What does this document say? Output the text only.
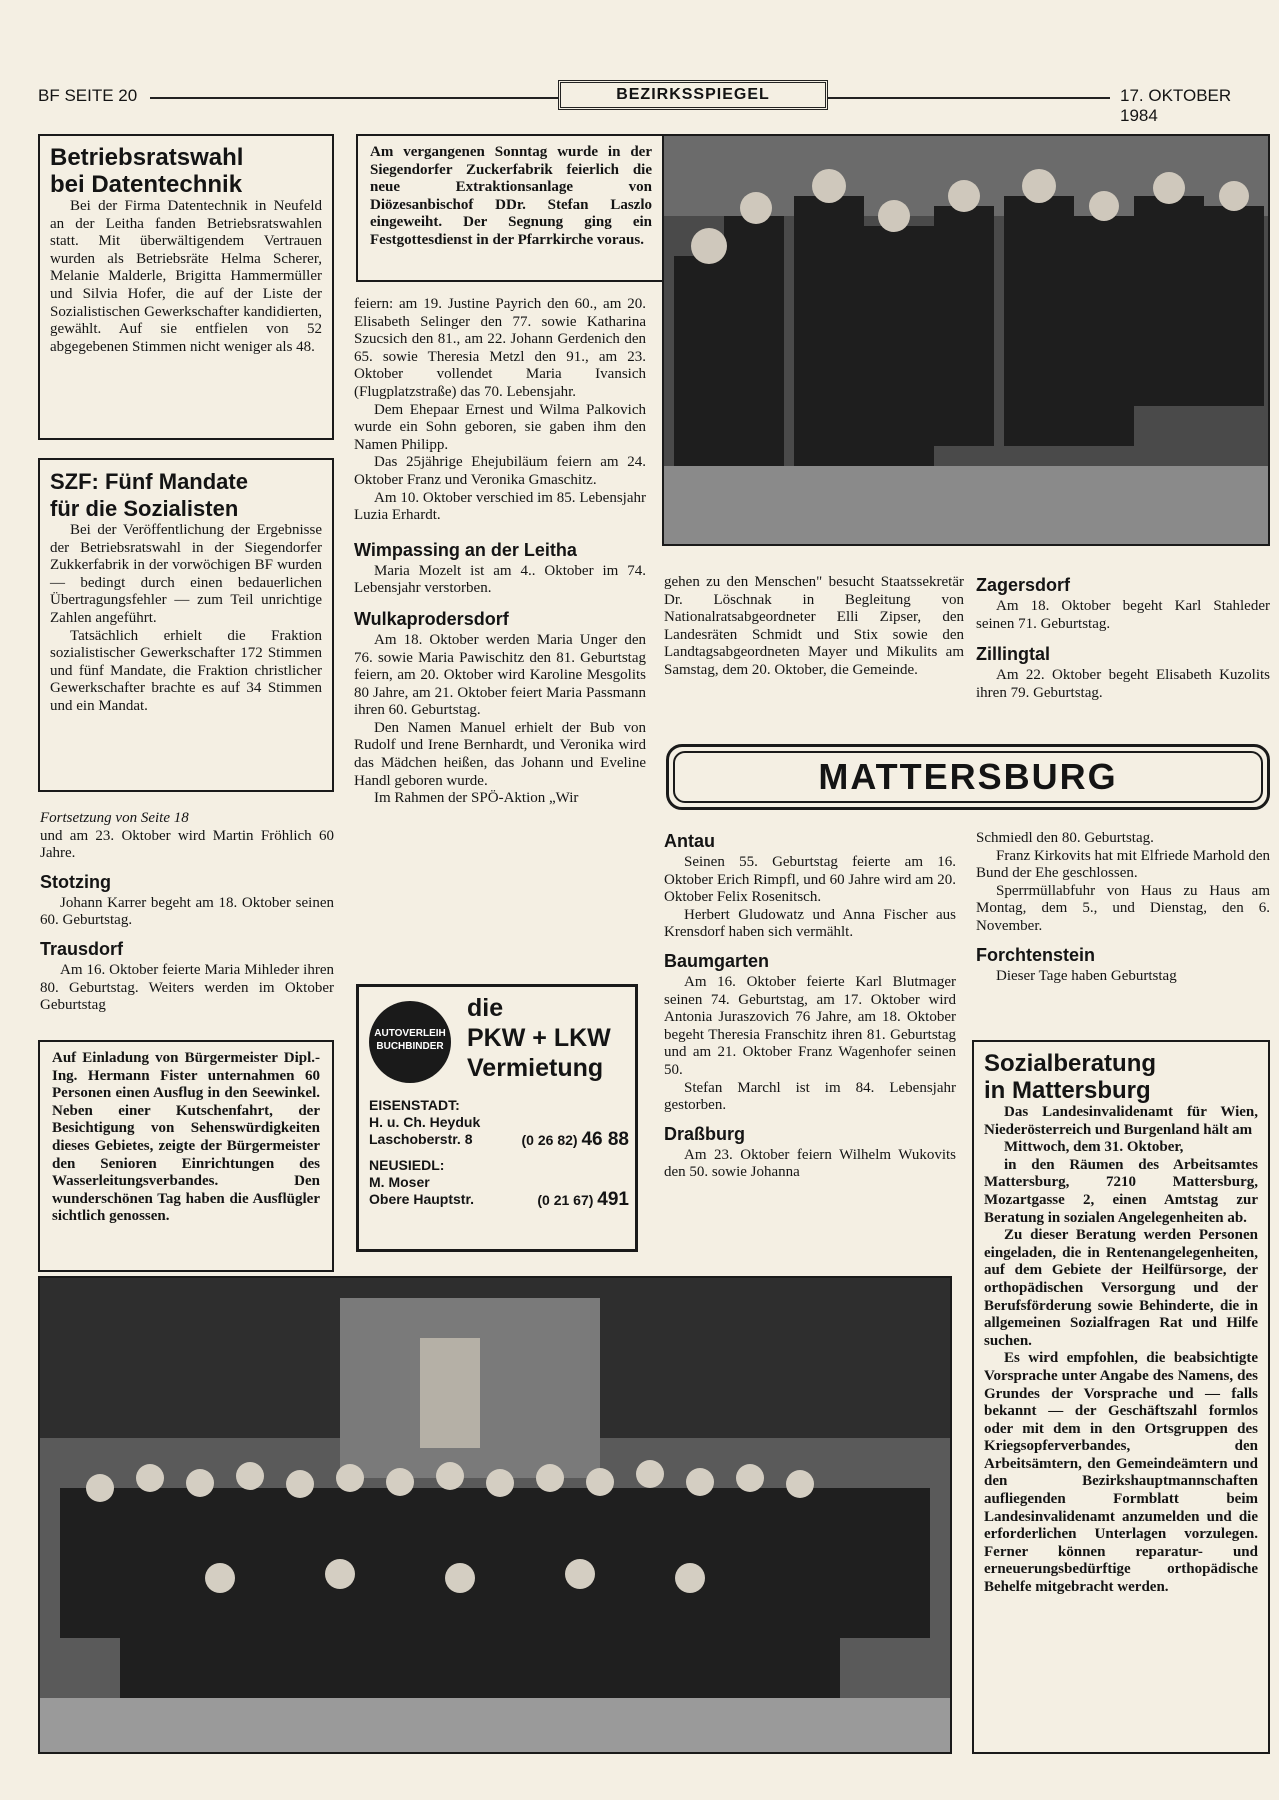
BF SEITE 20	BEZIRKSSPIEGEL	17. OKTOBER 1984
Betriebsratswahl
bei Datentechnik

Bei der Firma Datentechnik in Neufeld an der Leitha fanden Betriebsratswahlen statt. Mit überwältigendem Vertrauen wurden als Betriebsräte Helma Scherer, Melanie Malderle, Brigitta Hammermüller und Silvia Hofer, die auf der Liste der Sozialistischen Gewerkschafter kandidierten, gewählt. Auf sie entfielen von 52 abgegebenen Stimmen nicht weniger als 48.

SZF: Fünf Mandate
für die Sozialisten

Bei der Veröffentlichung der Ergebnisse der Betriebsratswahl in der Siegendorfer Zukkerfabrik in der vorwöchigen BF wurden — bedingt durch einen bedauerlichen Übertragungsfehler — zum Teil unrichtige Zahlen angeführt.

Tatsächlich erhielt die Fraktion sozialistischer Gewerkschafter 172 Stimmen und fünf Mandate, die Fraktion christlicher Gewerkschafter brachte es auf 34 Stimmen und ein Mandat.

Fortsetzung von Seite 18

und am 23. Oktober wird Martin Fröhlich 60 Jahre.

Stotzing

Johann Karrer begeht am 18. Oktober seinen 60. Geburtstag.

Trausdorf

Am 16. Oktober feierte Maria Mihleder ihren 80. Geburtstag. Weiters werden im Oktober Geburtstag

Auf Einladung von Bürgermeister Dipl.-Ing. Hermann Fister unternahmen 60 Personen einen Ausflug in den Seewinkel. Neben einer Kutschenfahrt, der Besichtigung von Sehenswürdigkeiten dieses Gebietes, zeigte der Bürgermeister den Senioren Einrichtungen des Wasserleitungsverbandes. Den wunderschönen Tag haben die Ausflügler sichtlich genossen.

Am vergangenen Sonntag wurde in der Siegendorfer Zuckerfabrik feierlich die neue Extraktionsanlage von Diözesanbischof DDr. Stefan Laszlo eingeweiht. Der Segnung ging ein Festgottesdienst in der Pfarrkirche voraus.

feiern: am 19. Justine Payrich den 60., am 20. Elisabeth Selinger den 77. sowie Katharina Szucsich den 81., am 22. Johann Gerdenich den 65. sowie Theresia Metzl den 91., am 23. Oktober vollendet Maria Ivansich (Flugplatzstraße) das 70. Lebensjahr.

Dem Ehepaar Ernest und Wilma Palkovich wurde ein Sohn geboren, sie gaben ihm den Namen Philipp.

Das 25jährige Ehejubiläum feiern am 24. Oktober Franz und Veronika Gmaschitz.

Am 10. Oktober verschied im 85. Lebensjahr Luzia Erhardt.

Wimpassing an der Leitha

Maria Mozelt ist am 4.. Oktober im 74. Lebensjahr verstorben.

Wulkaprodersdorf

Am 18. Oktober werden Maria Unger den 76. sowie Maria Pawischitz den 81. Geburtstag feiern, am 20. Oktober wird Karoline Mesgolits 80 Jahre, am 21. Oktober feiert Maria Passmann ihren 60. Geburtstag.

Den Namen Manuel erhielt der Bub von Rudolf und Irene Bernhardt, und Veronika wird das Mädchen heißen, das Johann und Eveline Handl geboren wurde.

Im Rahmen der SPÖ-Aktion „Wir

AUTOVERLEIH
BUCHBINDER
die
PKW + LKW
Vermietung
EISENSTADT:
H. u. Ch. Heyduk
Laschoberstr. 8	(0 26 82) 46 88
NEUSIEDL:
M. Moser
Obere Hauptstr.	(0 21 67) 491

gehen zu den Menschen" besucht Staatssekretär Dr. Löschnak in Begleitung von Nationalratsabgeordneter Elli Zipser, den Landesräten Schmidt und Stix sowie den Landtagsabgeordneten Mayer und Mikulits am Samstag, dem 20. Oktober, die Gemeinde.

Zagersdorf

Am 18. Oktober begeht Karl Stahleder seinen 71. Geburtstag.

Zillingtal

Am 22. Oktober begeht Elisabeth Kuzolits ihren 79. Geburtstag.

MATTERSBURG
Antau

Seinen 55. Geburtstag feierte am 16. Oktober Erich Rimpfl, und 60 Jahre wird am 20. Oktober Felix Rosenitsch.

Herbert Gludowatz und Anna Fischer aus Krensdorf haben sich vermählt.

Baumgarten

Am 16. Oktober feierte Karl Blutmager seinen 74. Geburtstag, am 17. Oktober wird Antonia Juraszovich 76 Jahre, am 18. Oktober begeht Theresia Franschitz ihren 81. Geburtstag und am 21. Oktober Franz Wagenhofer seinen 50.

Stefan Marchl ist im 84. Lebensjahr gestorben.

Draßburg

Am 23. Oktober feiern Wilhelm Wukovits den 50. sowie Johanna

Schmiedl den 80. Geburtstag.

Franz Kirkovits hat mit Elfriede Marhold den Bund der Ehe geschlossen.

Sperrmüllabfuhr von Haus zu Haus am Montag, dem 5., und Dienstag, den 6. November.

Forchtenstein

Dieser Tage haben Geburtstag

Sozialberatung
in Mattersburg

Das Landesinvalidenamt für Wien, Niederösterreich und Burgenland hält am

Mittwoch, dem 31. Oktober,

in den Räumen des Arbeitsamtes Mattersburg, 7210 Mattersburg, Mozartgasse 2, einen Amtstag zur Beratung in sozialen Angelegenheiten ab.

Zu dieser Beratung werden Personen eingeladen, die in Rentenangelegenheiten, auf dem Gebiete der Heilfürsorge, der orthopädischen Versorgung und der Berufsförderung sowie Behinderte, die in allgemeinen Sozialfragen Rat und Hilfe suchen.

Es wird empfohlen, die beabsichtigte Vorsprache unter Angabe des Namens, des Grundes der Vorsprache und — falls bekannt — der Geschäftszahl formlos oder mit dem in den Ortsgruppen des Kriegsopferverbandes, den Arbeitsämtern, den Gemeindeämtern und den Bezirkshauptmannschaften aufliegenden Formblatt beim Landesinvalidenamt anzumelden und die erforderlichen Unterlagen vorzulegen. Ferner können reparatur- und erneuerungsbedürftige orthopädische Behelfe mitgebracht werden.
